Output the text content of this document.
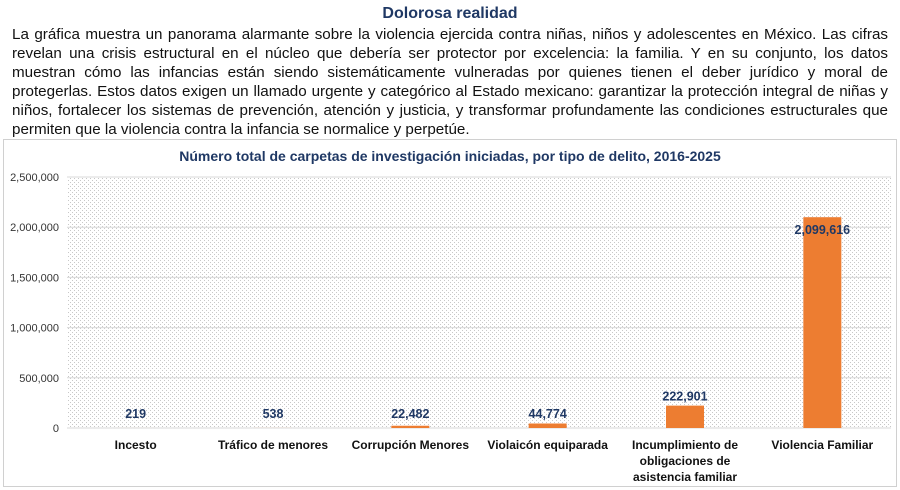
Dolorosa realidad
La gráfica muestra un panorama alarmante sobre la violencia ejercida contra niñas, niños y adolescentes en México. Las cifras revelan una crisis estructural en el núcleo que debería ser protector por excelencia: la familia. Y en su conjunto, los datos muestran cómo las infancias están siendo sistemáticamente vulneradas por quienes tienen el deber jurídico y moral de protegerlas. Estos datos exigen un llamado urgente y categórico al Estado mexicano: garantizar la protección integral de niñas y niños, fortalecer los sistemas de prevención, atención y justicia, y transformar profundamente las condiciones estructurales que permiten que la violencia contra la infancia se normalice y perpetúe.
Número total de carpetas de investigación iniciadas, por tipo de delito, 2016-2025
0
500,000
1,000,000
1,500,000
2,000,000
2,500,000
219	538	22,482	44,774
222,901
2,099,616
Incesto	Tráfico de menores Corrupción Menores Violaicón equiparada Incumplimiento de
obligaciones de
asistencia familiar
Violencia Familiar
